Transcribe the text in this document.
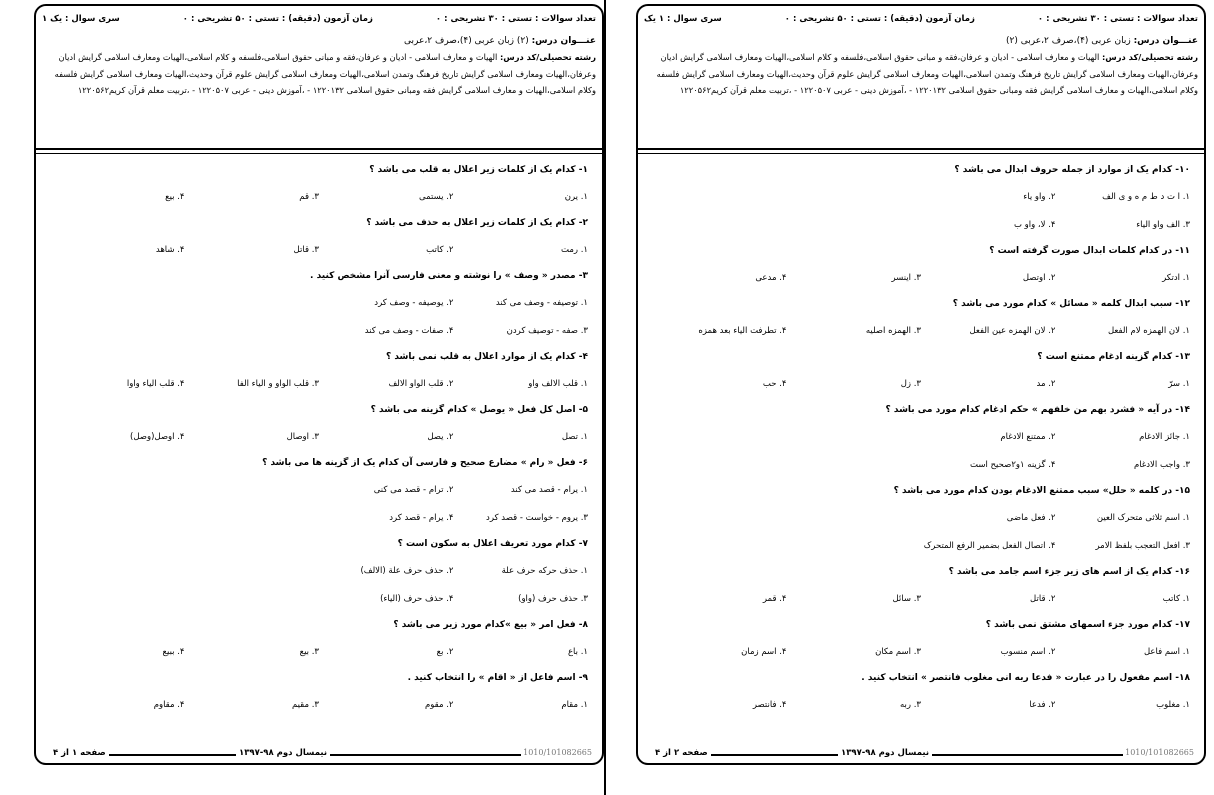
تعداد سوالات : تستی : ۳۰ تشریحی : ۰
زمان آزمون (دقیقه) : تستی : ۵۰ تشریحی : ۰
سری سوال : یک ۱
عنـــوان درس: (۲) زبان عربی (۴)،صرف ۲،عربی
رشته تحصیلی/کد درس: الهیات و معارف اسلامی - ادیان و عرفان،فقه و مبانی حقوق اسلامی،فلسفه و کلام اسلامی،الهیات ومعارف اسلامی گرایش ادیان وعرفان،الهیات ومعارف اسلامی گرایش تاریخ فرهنگ وتمدن اسلامی،الهیات ومعارف اسلامی گرایش علوم قرآن وحدیث،الهیات ومعارف اسلامی گرایش فلسفه وکلام اسلامی،الهیات و معارف اسلامی گرایش فقه ومبانی حقوق اسلامی ۱۲۲۰۱۳۲ - ،آموزش دینی - عربی ۱۲۲۰۵۰۷ - ،تربیت معلم قرآن کریم۱۲۲۰۵۶۲
۱- کدام یک از کلمات زیر اعلال به قلب می باشد ؟
۱. یرن
۲. یستمی
۳. قم
۴. بیع
۲- کدام یک از کلمات زیر اعلال به حذف می باشد ؟
۱. رمت
۲. کاتب
۳. قاتل
۴. شاهد
۳- مصدر « وصف » را نوشته و معنی فارسی آنرا مشخص کنید .
۱. توصیفه - وصف می کند
۲. یوصیفه - وصف کرد
۳. صفه - توصیف کردن
۴. صفات - وصف می کند
۴- کدام یک از موارد اعلال به قلب نمی باشد ؟
۱. قلب الالف واو
۲. قلب الواو الالف
۳. قلب الواو و الیاء الفا
۴. قلب الیاء واوا
۵- اصل کل فعل « یوصل » کدام گزینه می باشد ؟
۱. تصل
۲. یصل
۳. اوصال
۴. اوصل(وصل)
۶- فعل « رام » مضارع صحیح و فارسی آن کدام یک از گزینه ها می باشد ؟
۱. یرام - قصد می کند
۲. ترام - قصد می کنی
۳. یروم - خواست - قصد کرد
۴. یرام - قصد کرد
۷- کدام مورد تعریف اعلال به سکون است ؟
۱. حذف حرکه حرف علة
۲. حذف حرف علة (الالف)
۳. حذف حرف (واو)
۴. حذف حرف (الیاء)
۸- فعل امر « بیع »کدام مورد زیر می باشد ؟
۱. باع
۲. بع
۳. بیع
۴. ببیع
۹- اسم فاعل از « اقام » را انتخاب کنید .
۱. مقام
۲. مقوم
۳. مقیم
۴. مقاوم
صفحه ۱ از ۴	نیمسال دوم ۹۸-۱۳۹۷	1010/101082665
تعداد سوالات : تستی : ۳۰ تشریحی : ۰
زمان آزمون (دقیقه) : تستی : ۵۰ تشریحی : ۰
سری سوال : ۱ یک
عنـــوان درس: زبان عربی (۴)،صرف ۲،عربی (۲)
رشته تحصیلی/کد درس: الهیات و معارف اسلامی - ادیان و عرفان،فقه و مبانی حقوق اسلامی،فلسفه و کلام اسلامی،الهیات ومعارف اسلامی گرایش ادیان وعرفان،الهیات ومعارف اسلامی گرایش تاریخ فرهنگ وتمدن اسلامی،الهیات ومعارف اسلامی گرایش علوم قرآن وحدیث،الهیات ومعارف اسلامی گرایش فلسفه وکلام اسلامی،الهیات و معارف اسلامی گرایش فقه ومبانی حقوق اسلامی ۱۲۲۰۱۳۲ - ،آموزش دینی - عربی ۱۲۲۰۵۰۷ - ،تربیت معلم قرآن کریم۱۲۲۰۵۶۲
۱۰- کدام یک از موارد از جمله حروف ابدال می باشد ؟
۱. ا ت د ط م ه و ی الف
۲. واو یاء
۳. الف واو الیاء
۴. لا، واو ب
۱۱- در کدام کلمات ابدال صورت گرفته است ؟
۱. ادتکر
۲. اوتصل
۳. اینسر
۴. مدعی
۱۲- سبب ابدال کلمه « مسائل » کدام مورد می باشد ؟
۱. لان الهمزه لام الفعل
۲. لان الهمزه عین الفعل
۳. الهمزه اصلیه
۴. تطرفت الیاء بعد همزه
۱۳- کدام گزینه ادغام ممتنع است ؟
۱. سرّ
۲. مد
۳. زل
۴. حب
۱۴- در آیه « فشرد بهم من خلفهم » حکم ادغام کدام مورد می باشد ؟
۱. جائز الادغام
۲. ممتنع الادغام
۳. واجب الادغام
۴. گزینه ۱و۲صحیح است
۱۵- در کلمه « حلل» سبب ممتنع الادغام بودن کدام مورد می باشد ؟
۱. اسم ثلاثی متحرک العین
۲. فعل ماضی
۳. افعل التعجب بلفظ الامر
۴. اتصال الفعل بضمیر الرفع المتحرک
۱۶- کدام یک از اسم های زیر جزء اسم جامد می باشد ؟
۱. کاتب
۲. قاتل
۳. سائل
۴. قمر
۱۷- کدام مورد جزء اسمهای مشتق نمی باشد ؟
۱. اسم فاعل
۲. اسم منسوب
۳. اسم مکان
۴. اسم زمان
۱۸- اسم مفعول را در عبارت « فدعا ربه انی مغلوب فانتصر » انتخاب کنید .
۱. مغلوب
۲. فدعا
۳. ربه
۴. فانتصر
صفحه ۲ از ۴	نیمسال دوم ۹۸-۱۳۹۷	1010/101082665
